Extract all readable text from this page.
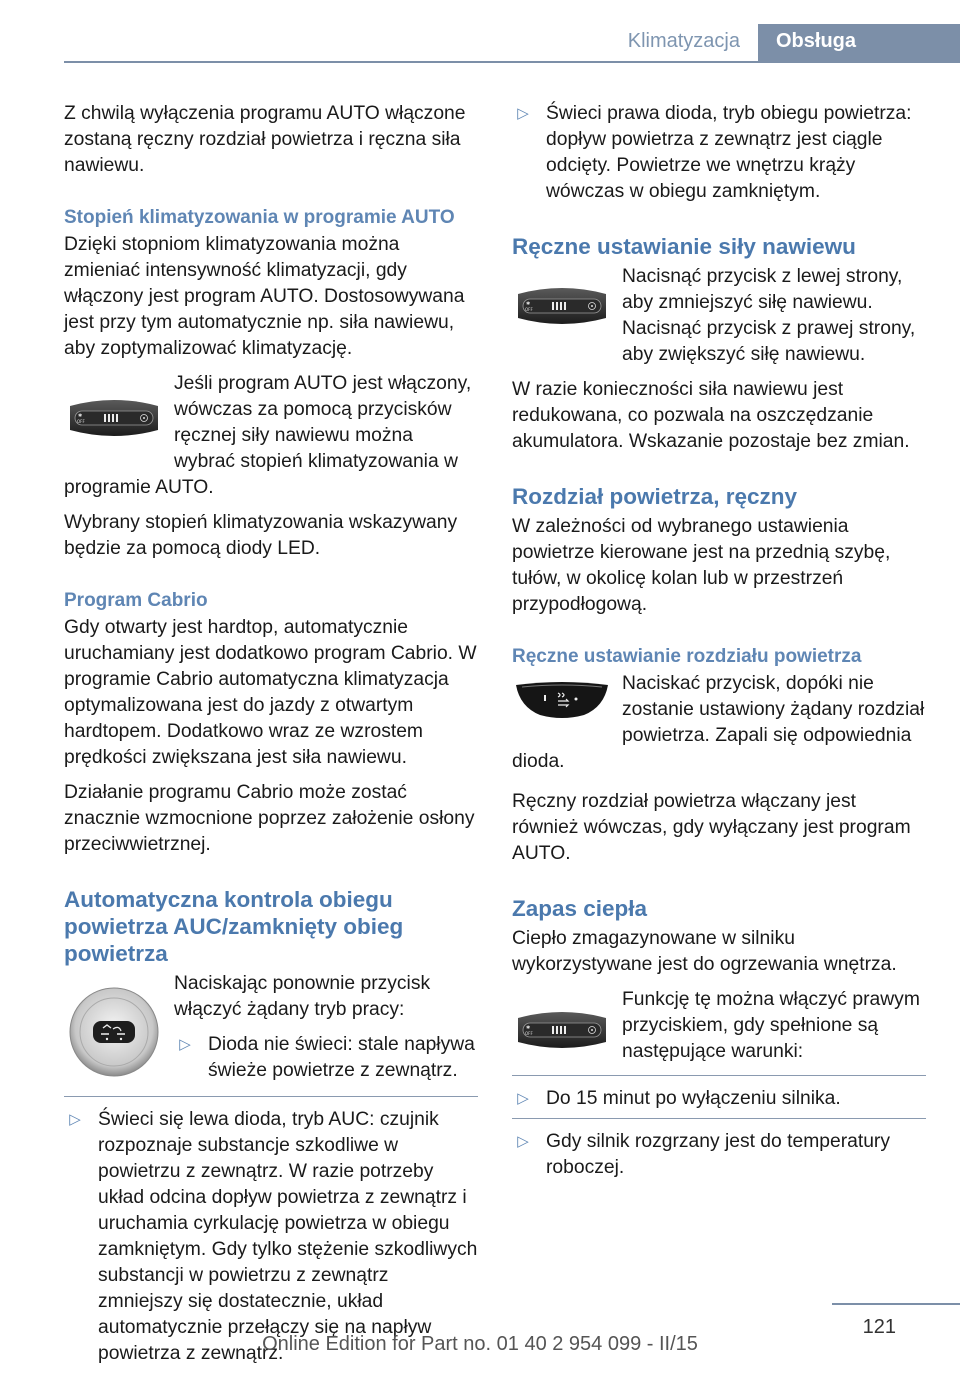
Klimatyzacja	Obsługa

Z chwilą wyłączenia programu AUTO włączone zostaną ręczny rozdział powietrza i ręczna siła nawiewu.

Stopień klimatyzowania w programie AUTO

Dzięki stopniom klimatyzowania można zmieniać intensywność klimatyzacji, gdy włączony jest program AUTO. Dostosowywana jest przy tym automatycznie np. siła nawiewu, aby zoptymalizować klimatyzację.

✱
OFF

Jeśli program AUTO jest włączony, wówczas za pomocą przycisków ręcznej siły nawiewu można wybrać stopień klimatyzowania w programie AUTO.

Wybrany stopień klimatyzowania wskazywany będzie za pomocą diody LED.

Program Cabrio

Gdy otwarty jest hardtop, automatycznie uruchamiany jest dodatkowo program Cabrio. W programie Cabrio automatyczna klimatyzacja optymalizowana jest do jazdy z otwartym hardtopem. Dodatkowo wraz ze wzrostem prędkości zwiększana jest siła nawiewu.

Działanie programu Cabrio może zostać znacznie wzmocnione poprzez założenie osłony przeciwwietrznej.

Automatyczna kontrola obiegu powietrza AUC/zamknięty obieg powietrza

Naciskając ponownie przycisk włączyć żądany tryb pracy:

▷ Dioda nie świeci: stale napływa świeże powietrze z zewnątrz.
▷ Świeci się lewa dioda, tryb AUC: czujnik rozpoznaje substancje szkodliwe w powietrzu z zewnątrz. W razie potrzeby układ odcina dopływ powietrza z zewnątrz i uruchamia cyrkulację powietrza w obiegu zamkniętym. Gdy tylko stężenie szkodliwych substancji w powietrzu z zewnątrz zmniejszy się dostatecznie, układ automatycznie przełączy się na napływ powietrza z zewnątrz.
▷ Świeci prawa dioda, tryb obiegu powietrza: dopływ powietrza z zewnątrz jest ciągle odcięty. Powietrze we wnętrzu krąży wówczas w obiegu zamkniętym.
Ręczne ustawianie siły nawiewu
✱
OFF

Nacisnąć przycisk z lewej strony, aby zmniejszyć siłę nawiewu. Nacisnąć przycisk z prawej strony, aby zwiększyć siłę nawiewu.

W razie konieczności siła nawiewu jest redukowana, co pozwala na oszczędzanie akumulatora. Wskazanie pozostaje bez zmian.

Rozdział powietrza, ręczny

W zależności od wybranego ustawienia powietrze kierowane jest na przednią szybę, tułów, w okolicę kolan lub w przestrzeń przypodłogową.

Ręczne ustawianie rozdziału powietrza

Naciskać przycisk, dopóki nie zostanie ustawiony żądany rozdział powietrza. Zapali się odpowiednia dioda.

Ręczny rozdział powietrza włączany jest również wówczas, gdy wyłączany jest program AUTO.

Zapas ciepła

Ciepło zmagazynowane w silniku wykorzystywane jest do ogrzewania wnętrza.

✱
OFF

Funkcję tę można włączyć prawym przyciskiem, gdy spełnione są następujące warunki:

▷ Do 15 minut po wyłączeniu silnika.
▷ Gdy silnik rozgrzany jest do temperatury roboczej.
121
Online Edition for Part no. 01 40 2 954 099 - II/15
